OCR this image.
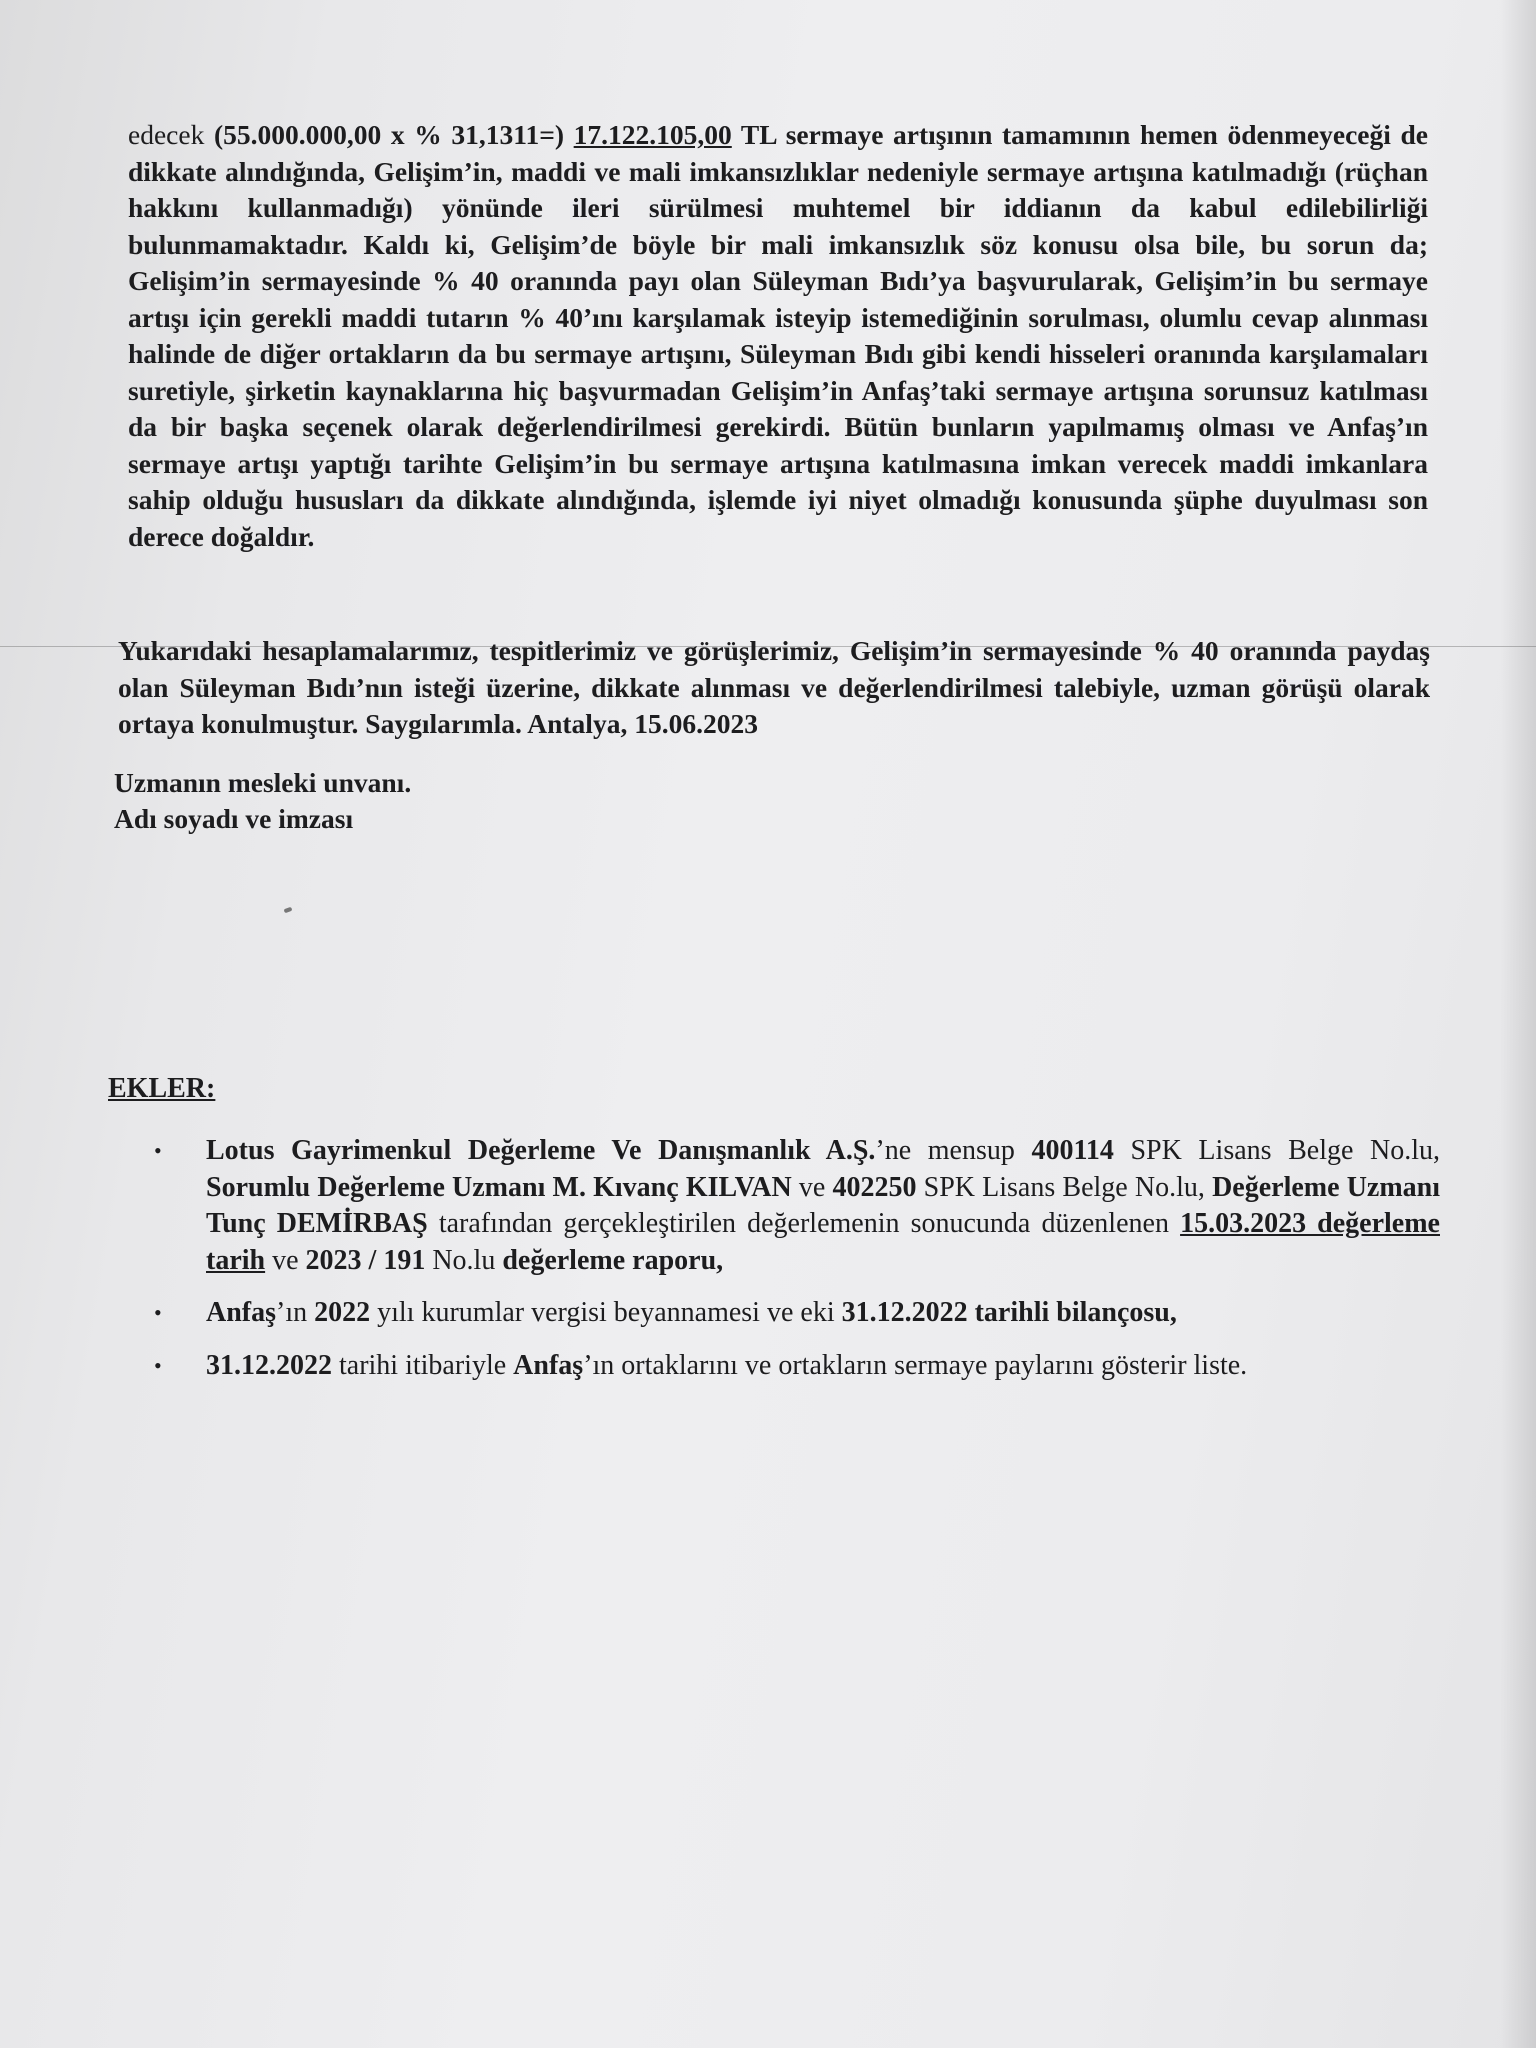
edecek (55.000.000,00 x % 31,1311=) 17.122.105,00 TL sermaye artışının tamamının hemen ödenmeyeceği de dikkate alındığında, Gelişim’in, maddi ve mali imkansızlıklar nedeniyle sermaye artışına katılmadığı (rüçhan hakkını kullanmadığı) yönünde ileri sürülmesi muhtemel bir iddianın da kabul edilebilirliği bulunmamaktadır. Kaldı ki, Gelişim’de böyle bir mali imkansızlık söz konusu olsa bile, bu sorun da; Gelişim’in sermayesinde % 40 oranında payı olan Süleyman Bıdı’ya başvurularak, Gelişim’in bu sermaye artışı için gerekli maddi tutarın % 40’ını karşılamak isteyip istemediğinin sorulması, olumlu cevap alınması halinde de diğer ortakların da bu sermaye artışını, Süleyman Bıdı gibi kendi hisseleri oranında karşılamaları suretiyle, şirketin kaynaklarına hiç başvurmadan Gelişim’in Anfaş’taki sermaye artışına sorunsuz katılması da bir başka seçenek olarak değerlendirilmesi gerekirdi. Bütün bunların yapılmamış olması ve Anfaş’ın sermaye artışı yaptığı tarihte Gelişim’in bu sermaye artışına katılmasına imkan verecek maddi imkanlara sahip olduğu hususları da dikkate alındığında, işlemde iyi niyet olmadığı konusunda şüphe duyulması son derece doğaldır.
Yukarıdaki hesaplamalarımız, tespitlerimiz ve görüşlerimiz, Gelişim’in sermayesinde % 40 oranında paydaş olan Süleyman Bıdı’nın isteği üzerine, dikkate alınması ve değerlendirilmesi talebiyle, uzman görüşü olarak ortaya konulmuştur. Saygılarımla. Antalya, 15.06.2023
Uzmanın mesleki unvanı.
Adı soyadı ve imzası
EKLER:
• Lotus Gayrimenkul Değerleme Ve Danışmanlık A.Ş.’ne mensup 400114 SPK Lisans Belge No.lu, Sorumlu Değerleme Uzmanı M. Kıvanç KILVAN ve 402250 SPK Lisans Belge No.lu, Değerleme Uzmanı Tunç DEMİRBAŞ tarafından gerçekleştirilen değerlemenin sonucunda düzenlenen 15.03.2023 değerleme tarih ve 2023 / 191 No.lu değerleme raporu,
• Anfaş’ın 2022 yılı kurumlar vergisi beyannamesi ve eki 31.12.2022 tarihli bilançosu,
• 31.12.2022 tarihi itibariyle Anfaş’ın ortaklarını ve ortakların sermaye paylarını gösterir liste.
